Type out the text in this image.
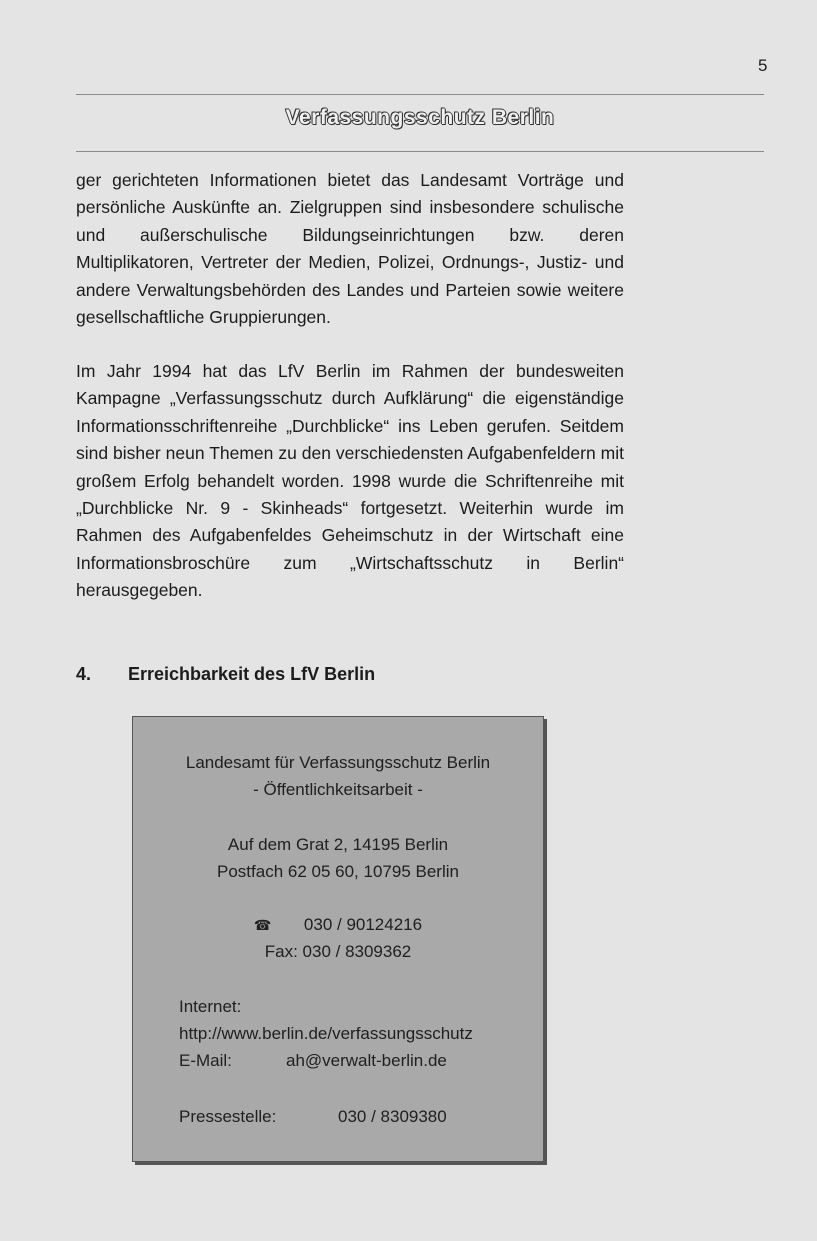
5
Verfassungsschutz Berlin

ger gerichteten Informationen bietet das Landesamt Vorträge und persönliche Auskünfte an. Zielgruppen sind insbesondere schulische und außerschulische Bildungseinrichtungen bzw. deren Multiplikatoren, Vertreter der Medien, Polizei, Ordnungs-, Justiz- und andere Verwaltungsbehörden des Landes und Parteien sowie weitere gesellschaftliche Gruppierungen.

Im Jahr 1994 hat das LfV Berlin im Rahmen der bundesweiten Kampagne „Verfassungsschutz durch Aufklärung“ die eigenständige Informationsschriftenreihe „Durchblicke“ ins Leben gerufen. Seitdem sind bisher neun Themen zu den verschiedensten Aufgabenfeldern mit großem Erfolg behandelt worden. 1998 wurde die Schriftenreihe mit „Durchblicke Nr. 9 - Skinheads“ fortgesetzt. Weiterhin wurde im Rahmen des Aufgabenfeldes Geheimschutz in der Wirtschaft eine Informationsbroschüre zum „Wirtschaftsschutz in Berlin“ herausgegeben.

4. Erreichbarkeit des LfV Berlin
Landesamt für Verfassungsschutz Berlin
- Öffentlichkeitsarbeit -
Auf dem Grat 2, 14195 Berlin
Postfach 62 05 60, 10795 Berlin
☎ 030 / 90124216
Fax: 030 / 8309362
Internet:
http://www.berlin.de/verfassungsschutz
E-Mail:	ah@verwalt-berlin.de
Pressestelle:	030 / 8309380
